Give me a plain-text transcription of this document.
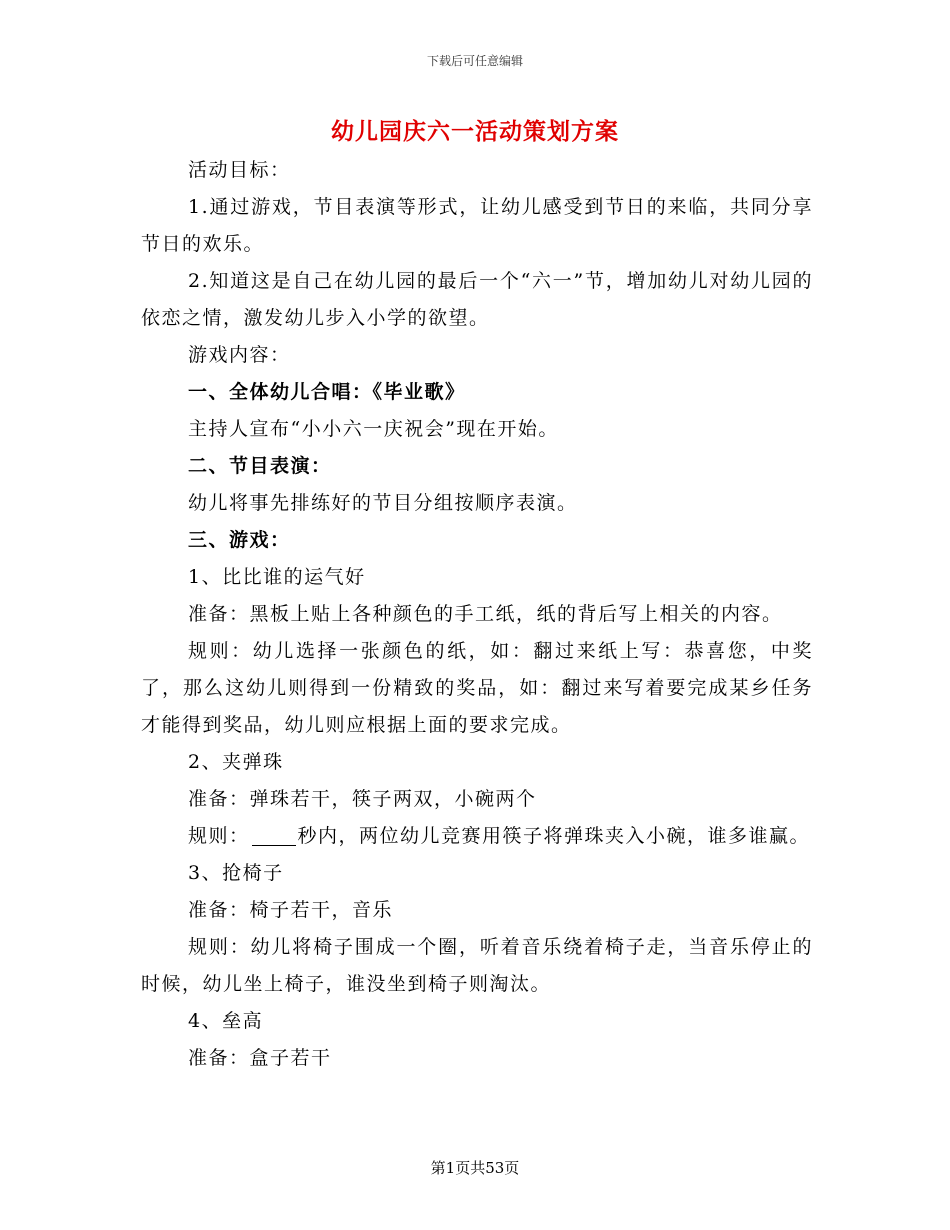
下载后可任意编辑
幼儿园庆六一活动策划方案

活动目标：

1.通过游戏，节目表演等形式，让幼儿感受到节日的来临，共同分享节日的欢乐。

2.知道这是自己在幼儿园的最后一个“六一”节，增加幼儿对幼儿园的依恋之情，激发幼儿步入小学的欲望。

游戏内容：

一、全体幼儿合唱：《毕业歌》

主持人宣布“小小六一庆祝会”现在开始。

二、节目表演：

幼儿将事先排练好的节目分组按顺序表演。

三、游戏：

1、比比谁的运气好

准备：黑板上贴上各种颜色的手工纸，纸的背后写上相关的内容。

规则：幼儿选择一张颜色的纸，如：翻过来纸上写：恭喜您，中奖了，那么这幼儿则得到一份精致的奖品，如：翻过来写着要完成某乡任务才能得到奖品，幼儿则应根据上面的要求完成。

2、夹弹珠

准备：弹珠若干，筷子两双，小碗两个

规则：	秒内，两位幼儿竞赛用筷子将弹珠夹入小碗，谁多谁赢。

3、抢椅子

准备：椅子若干，音乐

规则：幼儿将椅子围成一个圈，听着音乐绕着椅子走，当音乐停止的时候，幼儿坐上椅子，谁没坐到椅子则淘汰。

4、垒高

准备：盒子若干

第1页共53页
